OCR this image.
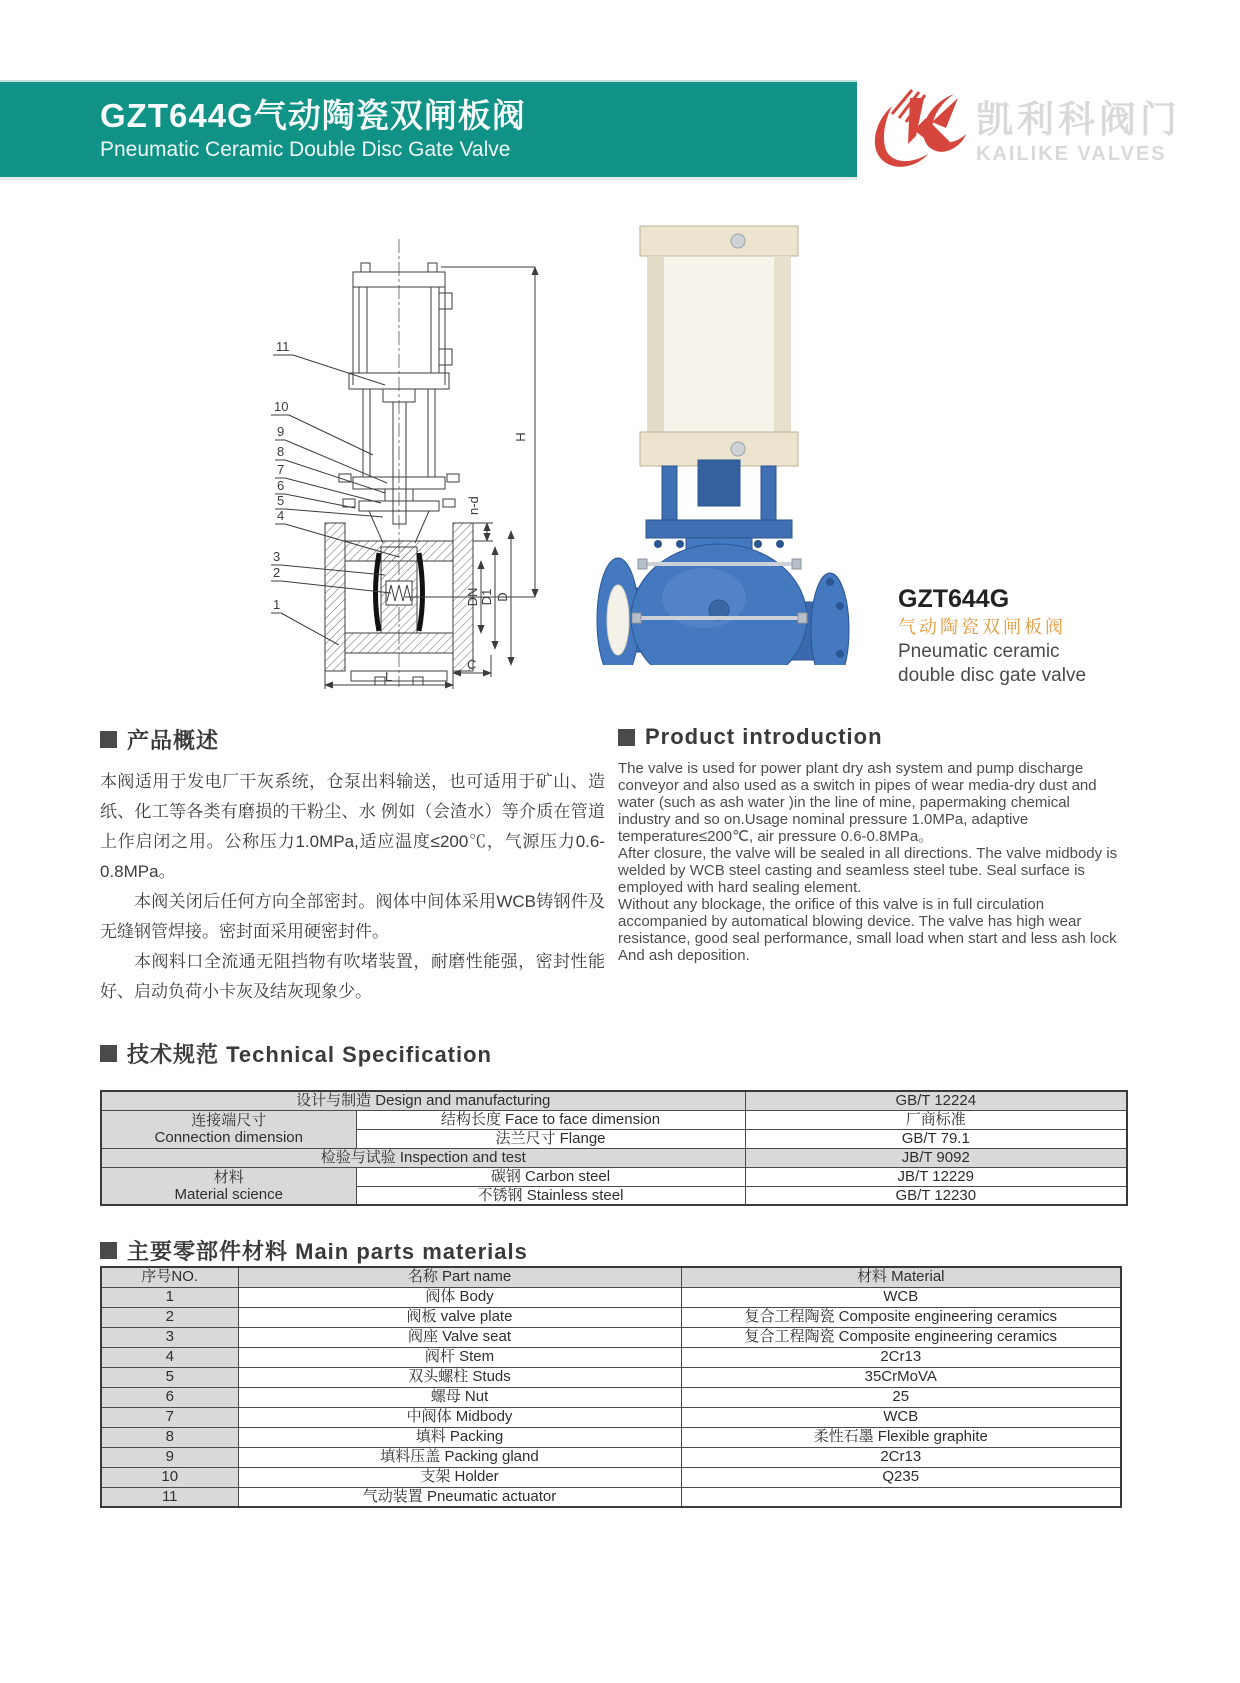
GZT644G气动陶瓷双闸板阀
Pneumatic Ceramic Double Disc Gate Valve
凯利科阀门
KAILIKE VALVES
11
10
9
8
7
6
5
4
3
2
1
H
n-d
DN D1 D
C
L
GZT644G
气动陶瓷双闸板阀
Pneumatic ceramic double disc gate valve
产品概述

本阀适用于发电厂干灰系统，仓泵出料输送，也可适用于矿山、造纸、化工等各类有磨损的干粉尘、水 例如（会渣水）等介质在管道上作启闭之用。公称压力1.0MPa,适应温度≤200℃，气源压力0.6-0.8MPa。

本阀关闭后任何方向全部密封。阀体中间体采用WCB铸钢件及无缝钢管焊接。密封面采用硬密封件。

本阀料口全流通无阻挡物有吹堵装置，耐磨性能强，密封性能好、启动负荷小卡灰及结灰现象少。

Product introduction

The valve is used for power plant dry ash system and pump discharge conveyor and also used as a switch in pipes of wear media-dry dust and water (such as ash water )in the line of mine, papermaking chemical industry and so on.Usage nominal pressure 1.0MPa, adaptive temperature≤200℃, air pressure 0.6-0.8MPa。

After closure, the valve will be sealed in all directions. The valve midbody is welded by WCB steel casting and seamless steel tube. Seal surface is employed with hard sealing element.

Without any blockage, the orifice of this valve is in full circulation accompanied by automatical blowing device. The valve has high wear resistance, good seal performance, small load when start and less ash lock And ash deposition.

技术规范 Technical Specification
设计与制造 Design and manufacturing		GB/T 12224

连接端尺寸
Connection dimension	结构长度 Face to face dimension	厂商标准
	法兰尺寸 Flange	GB/T 79.1
检验与试验 Inspection and test		JB/T 9092

材料
Material science	碳钢 Carbon steel	JB/T 12229
	不锈钢 Stainless steel	GB/T 12230
主要零部件材料 Main parts materials
序号NO.	名称 Part name	材料 Material
1	阀体 Body	WCB
2	阀板 valve plate	复合工程陶瓷 Composite engineering ceramics
3	阀座 Valve seat	复合工程陶瓷 Composite engineering ceramics
4	阀杆 Stem	2Cr13
5	双头螺柱 Studs	35CrMoVA
6	螺母 Nut	25
7	中阀体 Midbody	WCB
8	填料 Packing	柔性石墨 Flexible graphite
9	填料压盖 Packing gland	2Cr13
10	支架 Holder	Q235
11	气动装置 Pneumatic actuator	
